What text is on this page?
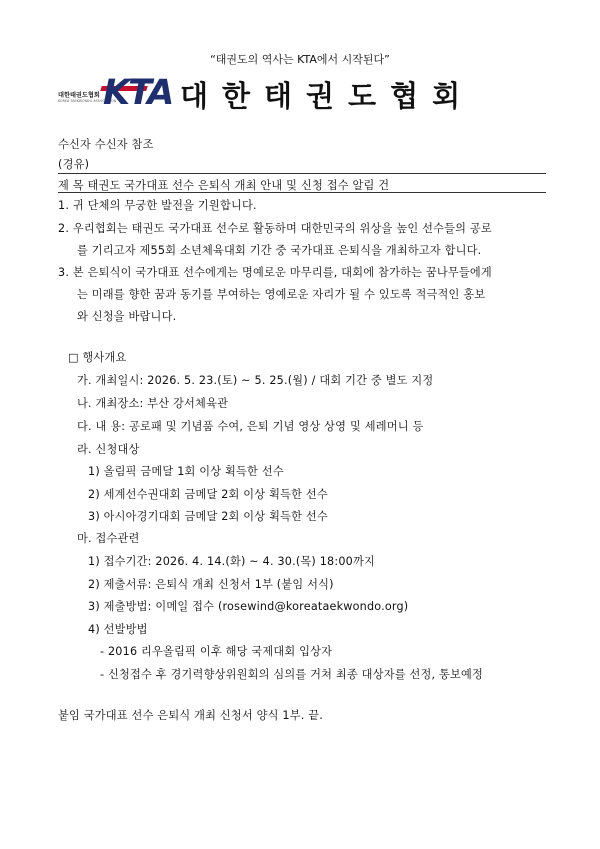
“태권도의 역사는 KTA에서 시작된다”
대한태권도협회
KOREA TAEKWONDO ASSOCIATION
KTA 대한태권도협회
수신자 수신자 참조
(경유)
제 목 태권도 국가대표 선수 은퇴식 개최 안내 및 신청 접수 알림 건
1. 귀 단체의 무궁한 발전을 기원합니다.
2. 우리협회는 태권도 국가대표 선수로 활동하며 대한민국의 위상을 높인 선수들의 공로
를 기리고자 제55회 소년체육대회 기간 중 국가대표 은퇴식을 개최하고자 합니다.
3. 본 은퇴식이 국가대표 선수에게는 명예로운 마무리를, 대회에 참가하는 꿈나무들에게
는 미래를 향한 꿈과 동기를 부여하는 영예로운 자리가 될 수 있도록 적극적인 홍보
와 신청을 바랍니다.
□ 행사개요
가. 개최일시: 2026. 5. 23.(토) ~ 5. 25.(월) / 대회 기간 중 별도 지정
나. 개최장소: 부산 강서체육관
다. 내 용: 공로패 및 기념품 수여, 은퇴 기념 영상 상영 및 세레머니 등
라. 신청대상
1) 올림픽 금메달 1회 이상 획득한 선수
2) 세계선수권대회 금메달 2회 이상 획득한 선수
3) 아시아경기대회 금메달 2회 이상 획득한 선수
마. 접수관련
1) 접수기간: 2026. 4. 14.(화) ~ 4. 30.(목) 18:00까지
2) 제출서류: 은퇴식 개최 신청서 1부 (붙임 서식)
3) 제출방법: 이메일 접수 (rosewind@koreataekwondo.org)
4) 선발방법
- 2016 리우올림픽 이후 해당 국제대회 입상자
- 신청접수 후 경기력향상위원회의 심의를 거쳐 최종 대상자를 선정, 통보예정
붙임 국가대표 선수 은퇴식 개최 신청서 양식 1부. 끝.
